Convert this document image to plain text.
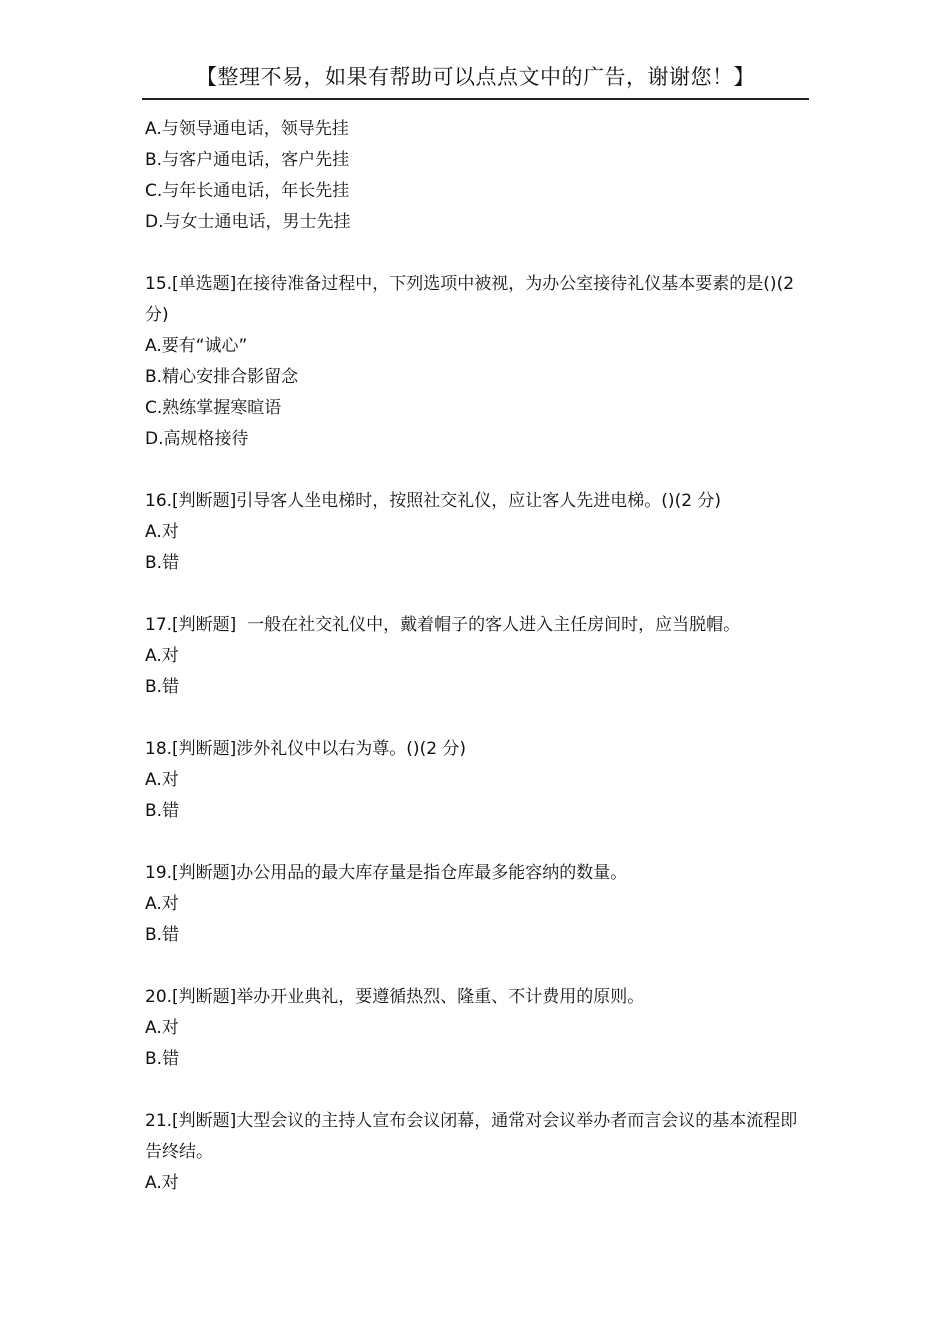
【整理不易，如果有帮助可以点点文中的广告，谢谢您！】
A.与领导通电话，领导先挂
B.与客户通电话，客户先挂
C.与年长通电话，年长先挂
D.与女士通电话，男士先挂
15.[单选题]在接待准备过程中，下列选项中被视，为办公室接待礼仪基本要素的是()(2 分)
A.要有“诚心”
B.精心安排合影留念
C.熟练掌握寒暄语
D.高规格接待
16.[判断题]引导客人坐电梯时，按照社交礼仪，应让客人先进电梯。()(2 分)
A.对
B.错
17.[判断题]  一般在社交礼仪中，戴着帽子的客人进入主任房间时，应当脱帽。
A.对
B.错
18.[判断题]涉外礼仪中以右为尊。()(2 分)
A.对
B.错
19.[判断题]办公用品的最大库存量是指仓库最多能容纳的数量。
A.对
B.错
20.[判断题]举办开业典礼，要遵循热烈、隆重、不计费用的原则。
A.对
B.错
21.[判断题]大型会议的主持人宣布会议闭幕，通常对会议举办者而言会议的基本流程即告终结。
A.对
